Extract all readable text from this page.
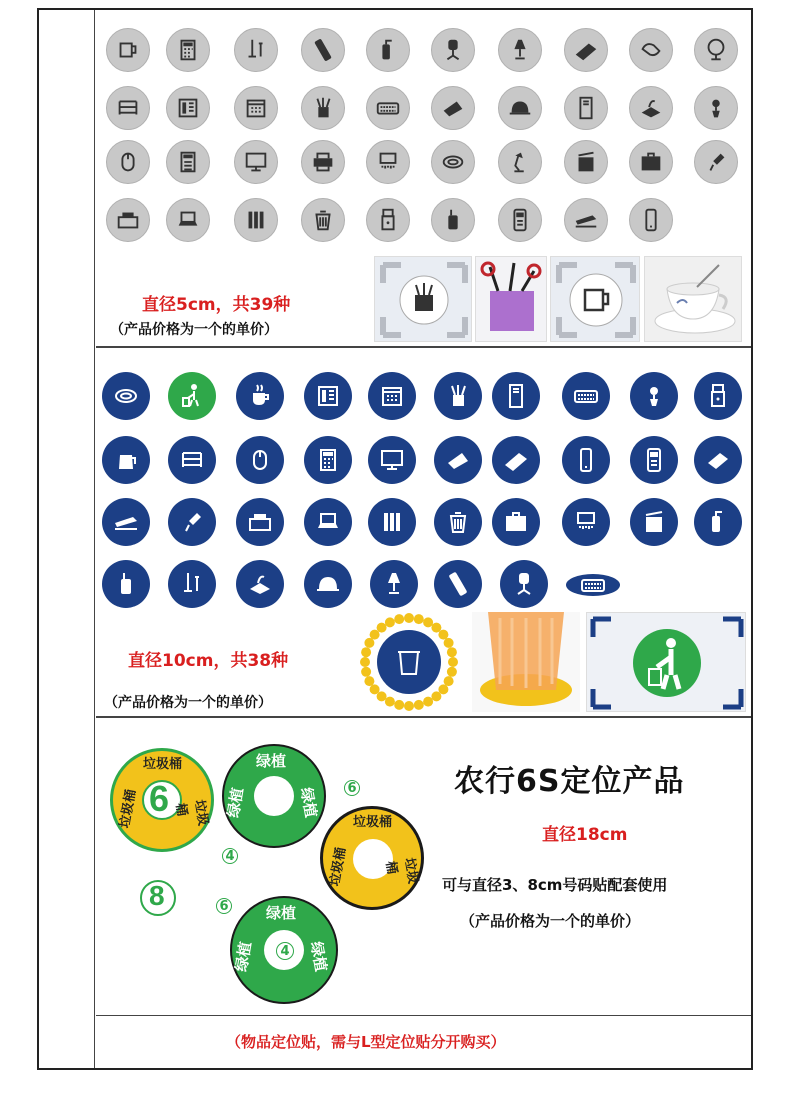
直径5cm，共39种
（产品价格为一个的单价）
直径10cm，共38种
（产品价格为一个的单价）
6
垃圾桶
垃圾桶
垃圾桶
绿植
绿植
绿植	6
4
6
8
垃圾桶
垃圾桶
垃圾桶
4
绿植
绿植
绿植
农行6S定位产品
直径18cm
可与直径3、8cm号码贴配套使用
（产品价格为一个的单价）
（物品定位贴，需与L型定位贴分开购买）
